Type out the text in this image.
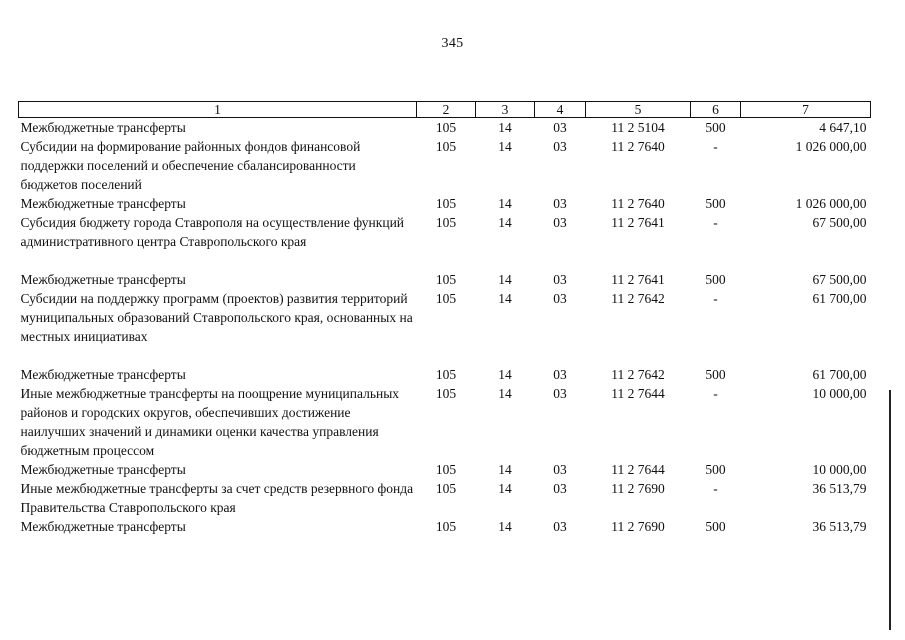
345
1	2	3	4	5	6	7
Межбюджетные трансферты	105	14	03	11 2 5104	500	4 647,10
Субсидии на формирование районных фондов финансовой поддержки поселений и обеспечение сбалансированности бюджетов поселений	105	14	03	11 2 7640	-	1 026 000,00
Межбюджетные трансферты	105	14	03	11 2 7640	500	1 026 000,00
Субсидия бюджету города Ставрополя на осуществление функций административного центра Ставропольского края	105	14	03	11 2 7641	-	67 500,00
Межбюджетные трансферты	105	14	03	11 2 7641	500	67 500,00
Субсидии на поддержку программ (проектов) развития территорий муниципальных образований Ставропольского края, основанных на местных инициативах	105	14	03	11 2 7642	-	61 700,00
Межбюджетные трансферты	105	14	03	11 2 7642	500	61 700,00
Иные межбюджетные трансферты на поощрение муниципальных районов и городских округов, обеспечивших достижение наилучших значений и динамики оценки качества управления бюджетным процессом	105	14	03	11 2 7644	-	10 000,00
Межбюджетные трансферты	105	14	03	11 2 7644	500	10 000,00
Иные межбюджетные трансферты за счет средств резервного фонда Правительства Ставропольского края	105	14	03	11 2 7690	-	36 513,79
Межбюджетные трансферты	105	14	03	11 2 7690	500	36 513,79
